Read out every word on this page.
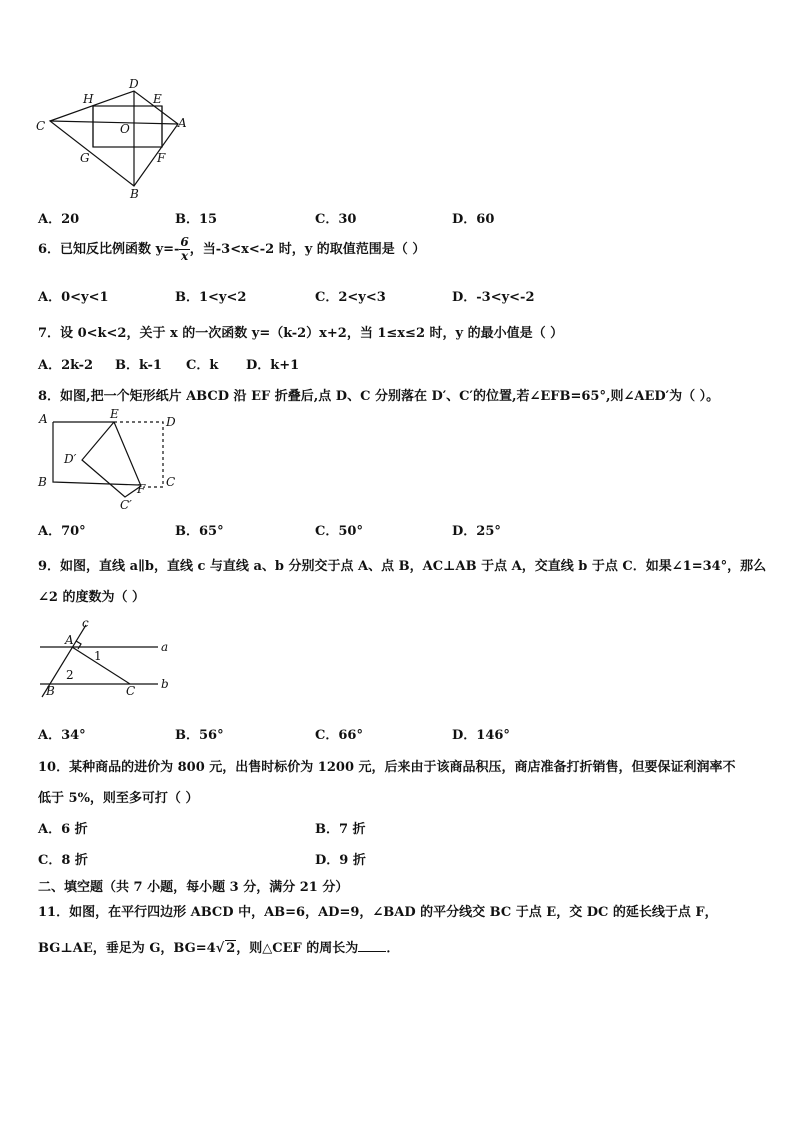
D
H	E
C	O	A
G	F
B
A．20	B．15	C．30	D．60
6．已知反比例函数 $y=- \frac{6}{x}$ ，当-3<x<-2 时，y 的取值范围是（ ）
A．0<y<1	B．1<y<2	C．2<y<3	D．-3<y<-2
7．设 0<k<2，关于 x 的一次函数 y=（k-2）x+2，当 1≤x≤2 时，y 的最小值是（ ）
A．2k-2 B．k-1 C．k D．k+1
8．如图,把一个矩形纸片 ABCD 沿 EF 折叠后,点 D、C 分别落在 D′、C′的位置,若∠EFB=65°,则∠AED′为（ ）。
A	E
D
D′
B	F C
C′
A．70°	B．65°	C．50°	D．25°
9．如图，直线 a∥b，直线 c 与直线 a、b 分别交于点 A、点 B，AC⊥AB 于点 A，交直线 b 于点 C．如果∠1=34°，那么
∠2 的度数为（ ）
c
A
1
a
2
B	C b
A．34°	B．56°	C．66°	D．146°
10．某种商品的进价为 800 元，出售时标价为 1200 元，后来由于该商品积压，商店准备打折销售，但要保证利润率不
低于 5%，则至多可打（ ）
A．6 折	B．7 折
C．8 折	D．9 折
二、填空题（共 7 小题，每小题 3 分，满分 21 分）
11．如图，在平行四边形 ABCD 中，AB=6，AD=9，∠BAD 的平分线交 BC 于点 E，交 DC 的延长线于点 F，
BG⊥AE，垂足为 G，BG=4√ 2，则△CEF 的周长为 ．
